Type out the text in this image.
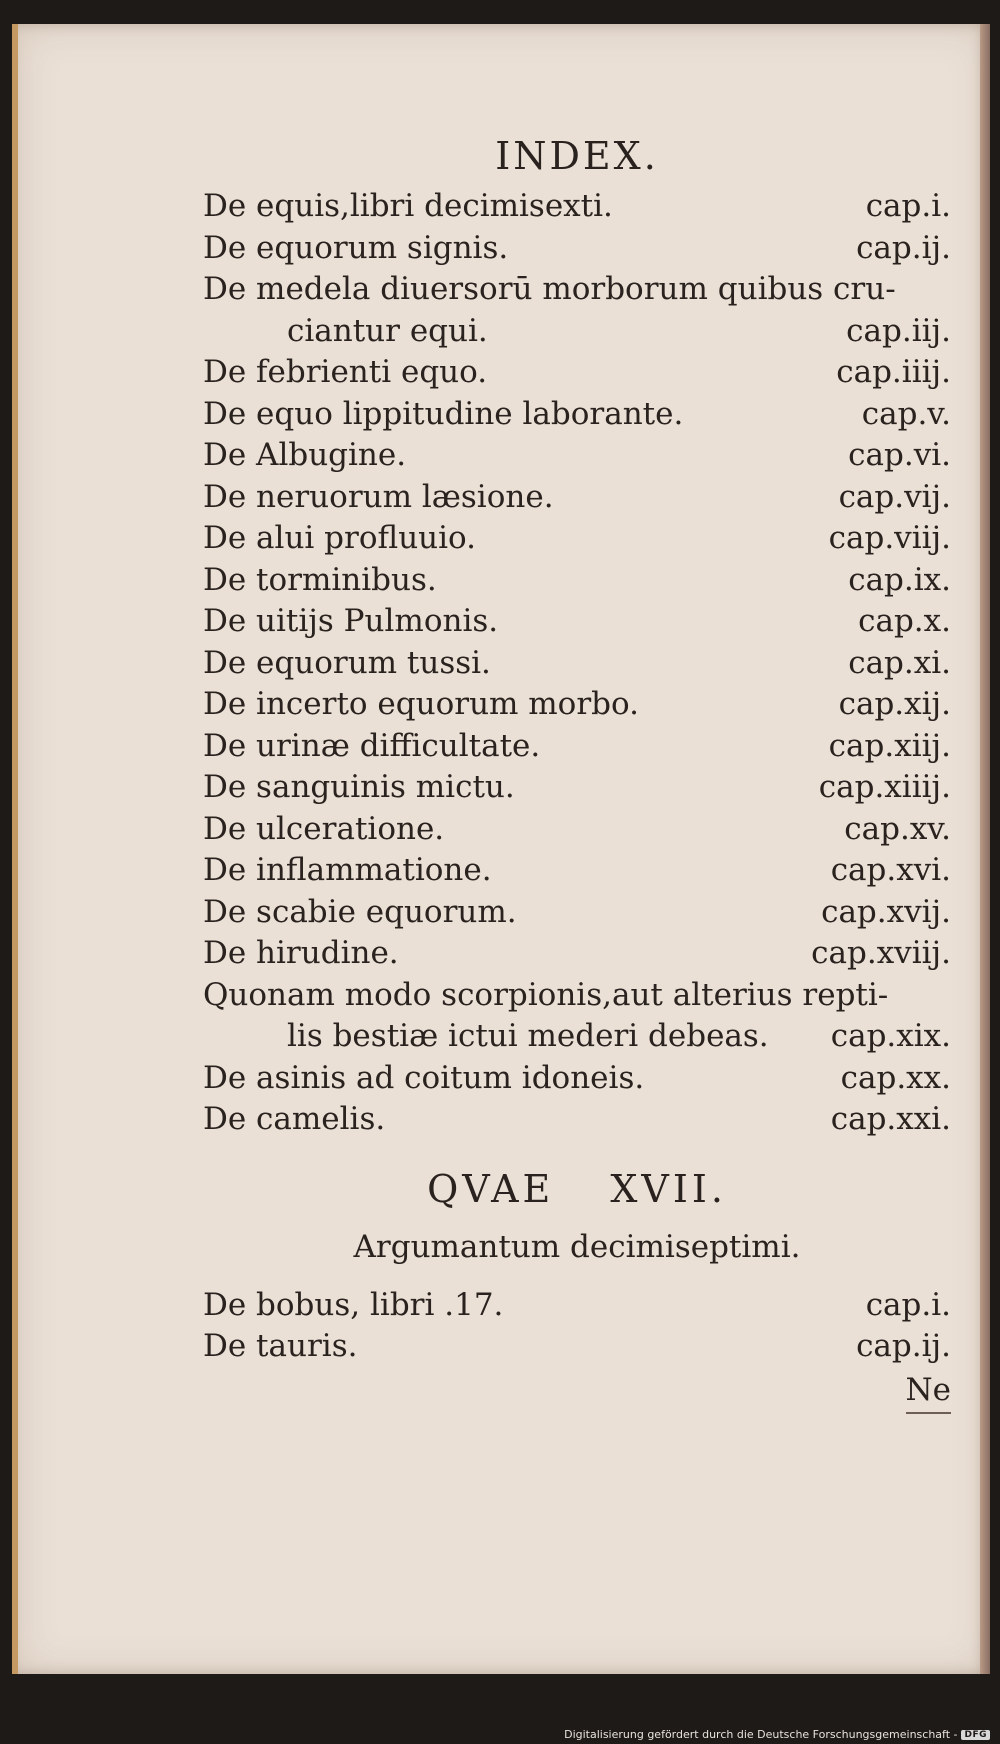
INDEX.
De equis,libri decimisexti.	cap.i.
De equorum signis.	cap.ij.
De medela diuersorū morborum quibus cru-
ciantur equi.	cap.iij.
De febrienti equo.	cap.iiij.
De equo lippitudine laborante.	cap.v.
De Albugine.	cap.vi.
De neruorum læsione.	cap.vij.
De alui profluuio.	cap.viij.
De torminibus.	cap.ix.
De uitijs Pulmonis.	cap.x.
De equorum tussi.	cap.xi.
De incerto equorum morbo.	cap.xij.
De urinæ difficultate.	cap.xiij.
De sanguinis mictu.	cap.xiiij.
De ulceratione.	cap.xv.
De inflammatione.	cap.xvi.
De scabie equorum.	cap.xvij.
De hirudine.	cap.xviij.
Quonam modo scorpionis,aut alterius repti-
lis bestiæ ictui mederi debeas. cap.xix.
De asinis ad coitum idoneis.	cap.xx.
De camelis.	cap.xxi.
QVAE XVII.
Argumantum decimiseptimi.
De bobus, libri .17.	cap.i.
De tauris.	cap.ij.
Ne
Digitalisierung gefördert durch die Deutsche Forschungsgemeinschaft - DFG
